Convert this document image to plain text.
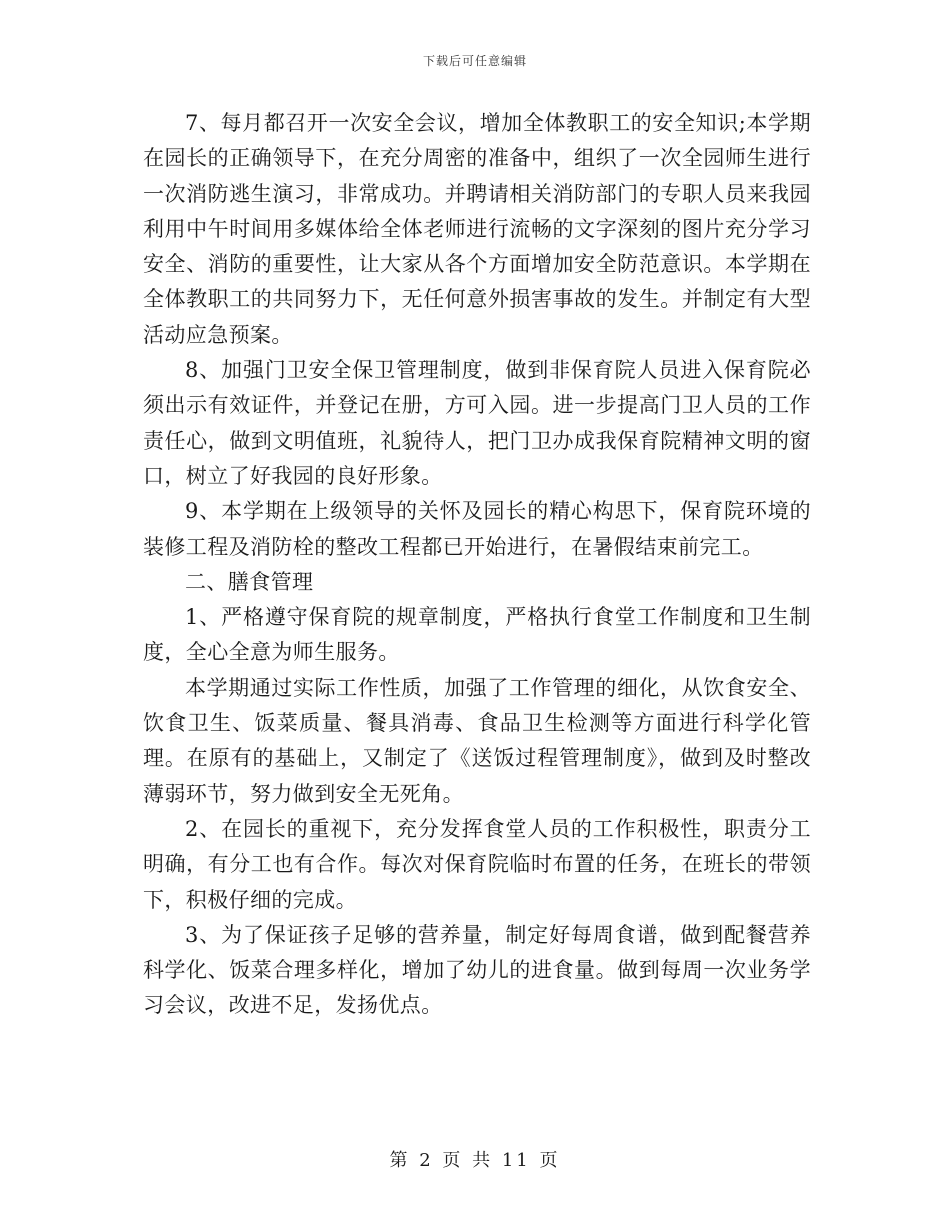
下载后可任意编辑

7、每月都召开一次安全会议，增加全体教职工的安全知识;本学期在园长的正确领导下，在充分周密的准备中，组织了一次全园师生进行一次消防逃生演习，非常成功。并聘请相关消防部门的专职人员来我园利用中午时间用多媒体给全体老师进行流畅的文字深刻的图片充分学习安全、消防的重要性，让大家从各个方面增加安全防范意识。本学期在全体教职工的共同努力下，无任何意外损害事故的发生。并制定有大型活动应急预案。

8、加强门卫安全保卫管理制度，做到非保育院人员进入保育院必须出示有效证件，并登记在册，方可入园。进一步提高门卫人员的工作责任心，做到文明值班，礼貌待人，把门卫办成我保育院精神文明的窗口，树立了好我园的良好形象。

9、本学期在上级领导的关怀及园长的精心构思下，保育院环境的装修工程及消防栓的整改工程都已开始进行，在暑假结束前完工。

二、膳食管理

1、严格遵守保育院的规章制度，严格执行食堂工作制度和卫生制度，全心全意为师生服务。

本学期通过实际工作性质，加强了工作管理的细化，从饮食安全、饮食卫生、饭菜质量、餐具消毒、食品卫生检测等方面进行科学化管理。在原有的基础上，又制定了《送饭过程管理制度》，做到及时整改薄弱环节，努力做到安全无死角。

2、在园长的重视下，充分发挥食堂人员的工作积极性，职责分工明确，有分工也有合作。每次对保育院临时布置的任务，在班长的带领下，积极仔细的完成。

3、为了保证孩子足够的营养量，制定好每周食谱，做到配餐营养科学化、饭菜合理多样化，增加了幼儿的进食量。做到每周一次业务学习会议，改进不足，发扬优点。

第 2 页 共 11 页
